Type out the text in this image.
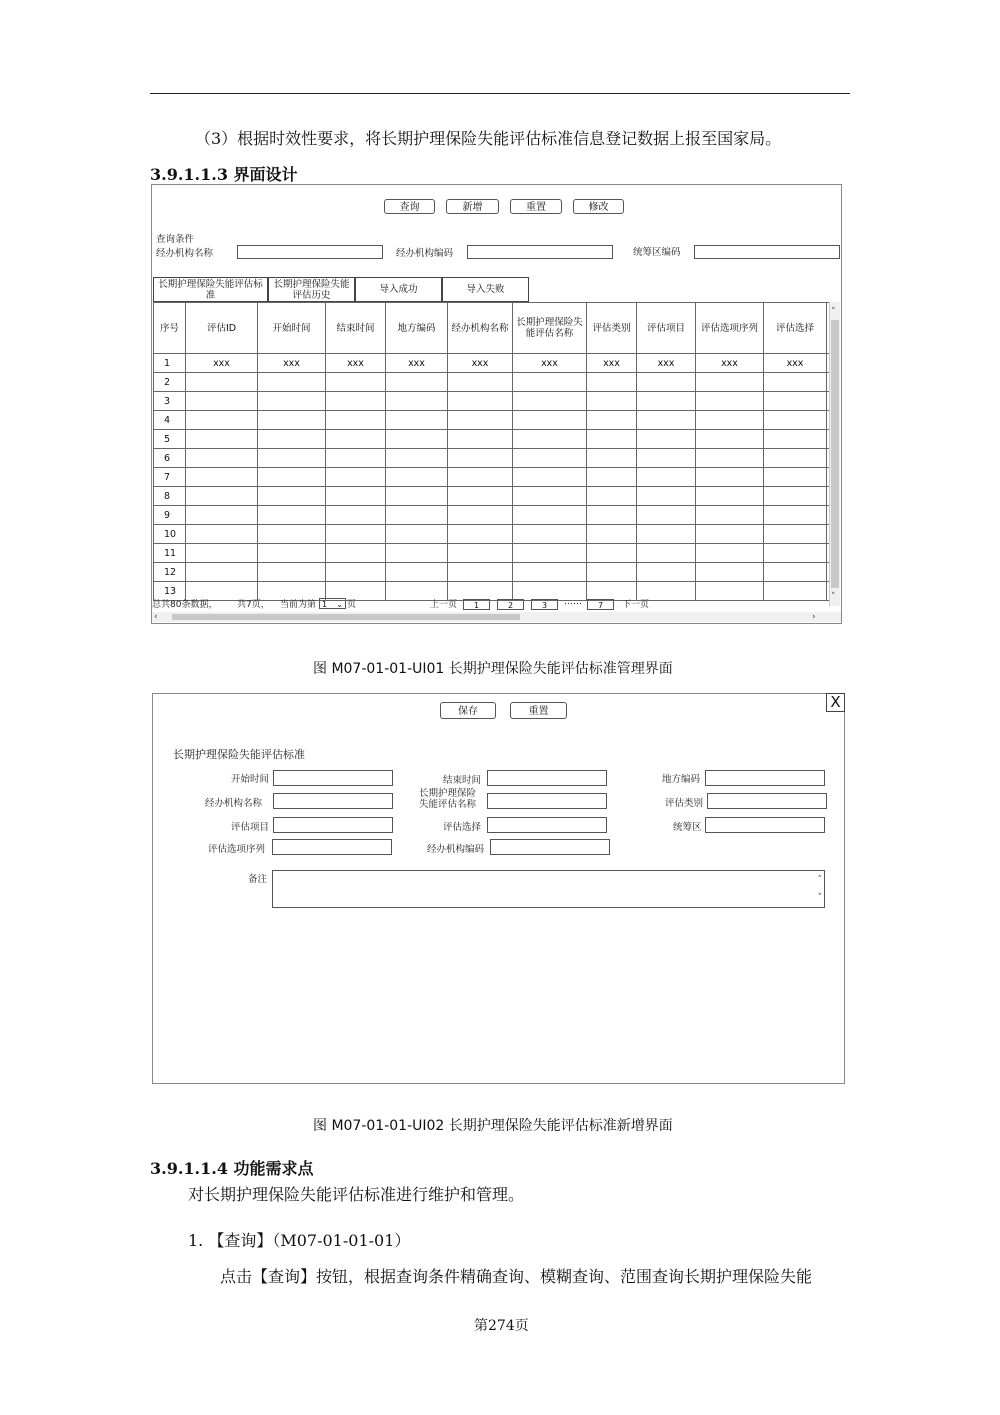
（3）根据时效性要求，将长期护理保险失能评估标准信息登记数据上报至国家局。
3.9.1.1.3 界面设计
查询	新增	重置	修改
查询条件
经办机构名称	经办机构编码	统筹区编码
长期护理保险失能评估标准
长期护理保险失能评估历史	导入成功	导入失败
序号	评估ID	开始时间	结束时间	地方编码	经办机构名称	长期护理保险失能评估名称	评估类别	评估项目	评估选项序列	评估选择	
1	xxx	xxx	xxx	xxx	xxx	xxx	xxx	xxx	xxx	xxx	
2											
3											
4											
5											
6											
7											
8											
9											
10											
11											
12											
13											
˄
˅
总共80条数据， 共7页， 当前为第 1 ⌄ 页	上一页	1	2	3	……	7	下一页
‹	›
图 M07-01-01-UI01 长期护理保险失能评估标准管理界面
X
保存	重置
长期护理保险失能评估标准
开始时间	结束时间	地方编码
经办机构名称
长期护理保险失能评估名称	评估类别
评估项目	评估选择	统筹区
评估选项序列	经办机构编码
备注	˄
˅
图 M07-01-01-UI02 长期护理保险失能评估标准新增界面
3.9.1.1.4 功能需求点
对长期护理保险失能评估标准进行维护和管理。
1. 【查询】（M07-01-01-01）
点击【查询】按钮，根据查询条件精确查询、模糊查询、范围查询长期护理保险失能
第274页
